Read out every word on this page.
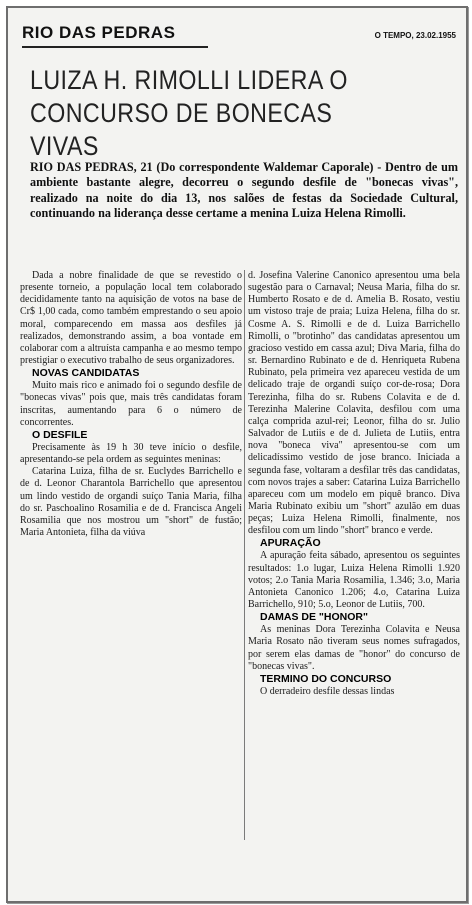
RIO DAS PEDRAS	O TEMPO, 23.02.1955
LUIZA H. RIMOLLI LIDERA O CONCURSO DE BONECAS VIVAS
RIO DAS PEDRAS, 21 (Do correspondente Waldemar Caporale) - Dentro de um ambiente bastante alegre, decorreu o segundo desfile de "bonecas vivas", realizado na noite do dia 13, nos salões de festas da Sociedade Cultural, continuando na liderança desse certame a menina Luiza Helena Rimolli.

Dada a nobre finalidade de que se revestido o presente torneio, a população local tem colaborado decididamente tanto na aquisição de votos na base de Cr$ 1,00 cada, como também emprestando o seu apoio moral, comparecendo em massa aos desfiles já realizados, demonstrando assim, a boa vontade em colaborar com a altruísta campanha e ao mesmo tempo prestigiar o executivo trabalho de seus organizadores.

NOVAS CANDIDATAS

Muito mais rico e animado foi o segundo desfile de "bonecas vivas" pois que, mais três candidatas foram inscritas, aumentando para 6 o número de concorrentes.

O DESFILE

Precisamente às 19 h 30 teve início o desfile, apresentando-se pela ordem as seguintes meninas:

Catarina Luiza, filha de sr. Euclydes Barrichello e de d. Leonor Charantola Barrichello que apresentou um lindo vestido de organdi suíço Tania Maria, filha do sr. Paschoalino Rosamilia e de d. Francisca Angeli Rosamilia que nos mostrou um "short" de fustão; Maria Antonieta, filha da viúva

d. Josefina Valerine Canonico apresentou uma bela sugestão para o Carnaval; Neusa Maria, filha do sr. Humberto Rosato e de d. Amelia B. Rosato, vestiu um vistoso traje de praia; Luiza Helena, filha do sr. Cosme A. S. Rimolli e de d. Luiza Barrichello Rimolli, o "brotinho" das candidatas apresentou um gracioso vestido em cassa azul; Diva Maria, filha do sr. Bernardino Rubinato e de d. Henriqueta Rubena Rubinato, pela primeira vez apareceu vestida de um delicado traje de organdi suíço cor-de-rosa; Dora Terezinha, filha do sr. Rubens Colavita e de d. Terezinha Malerine Colavita, desfilou com uma calça comprida azul-rei; Leonor, filha do sr. Julio Salvador de Lutiis e de d. Julieta de Lutiis, entra nova "boneca viva" apresentou-se com um delicadíssimo vestido de jose branco. Iniciada a segunda fase, voltaram a desfilar três das candidatas, com novos trajes a saber: Catarina Luiza Barrichello apareceu com um modelo em piquê branco. Diva Maria Rubinato exibiu um "short" azulão em duas peças; Luiza Helena Rimolli, finalmente, nos desfilou com um lindo "short" branco e verde.

APURAÇÃO

A apuração feita sábado, apresentou os seguintes resultados: 1.o lugar, Luiza Helena Rimolli 1.920 votos; 2.o Tania Maria Rosamilia, 1.346; 3.o, Maria Antonieta Canonico 1.206; 4.o, Catarina Luiza Barrichello, 910; 5.o, Leonor de Lutiis, 700.

DAMAS DE "HONOR"

As meninas Dora Terezinha Colavita e Neusa Maria Rosato não tiveram seus nomes sufragados, por serem elas damas de "honor" do concurso de "bonecas vivas".

TERMINO DO CONCURSO

O derradeiro desfile dessas lindas
